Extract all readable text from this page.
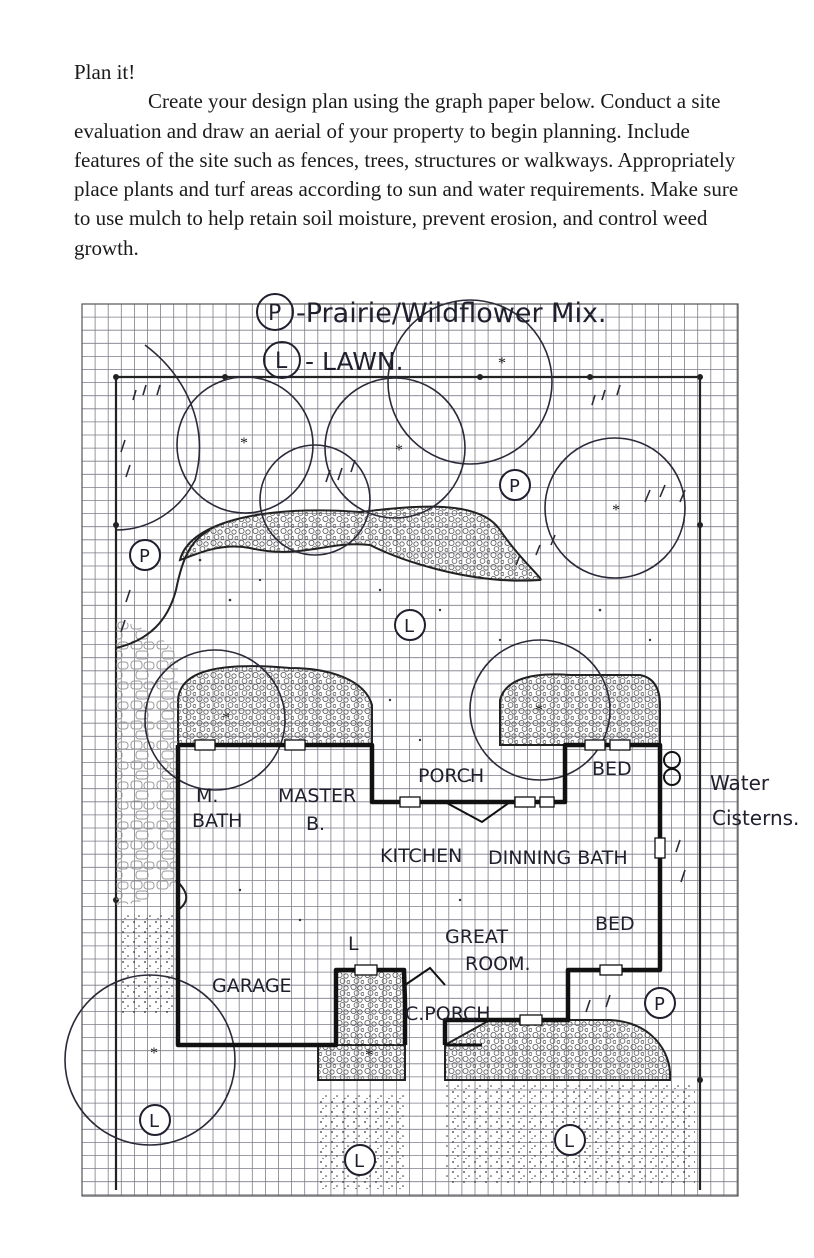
Plan it!

Create your design plan using the graph paper below. Conduct a site evaluation and draw an aerial of your property to begin planning. Include features of the site such as fences, trees, structures or walkways. Appropriately place plants and turf areas according to sun and water requirements. Make sure to use mulch to help retain soil moisture, prevent erosion, and control weed growth.

*	*
*
*	*
*
*
*
P -Prairie/Wildflower Mix.
L - LAWN.
M.
BATH
MASTER
B.
PORCH	BED
KITCHEN DINNING BATH
GREAT
ROOM.
BED
GARAGE
C.PORCH
L
Water
Cisterns.
P
P
P
L
L
L
L
